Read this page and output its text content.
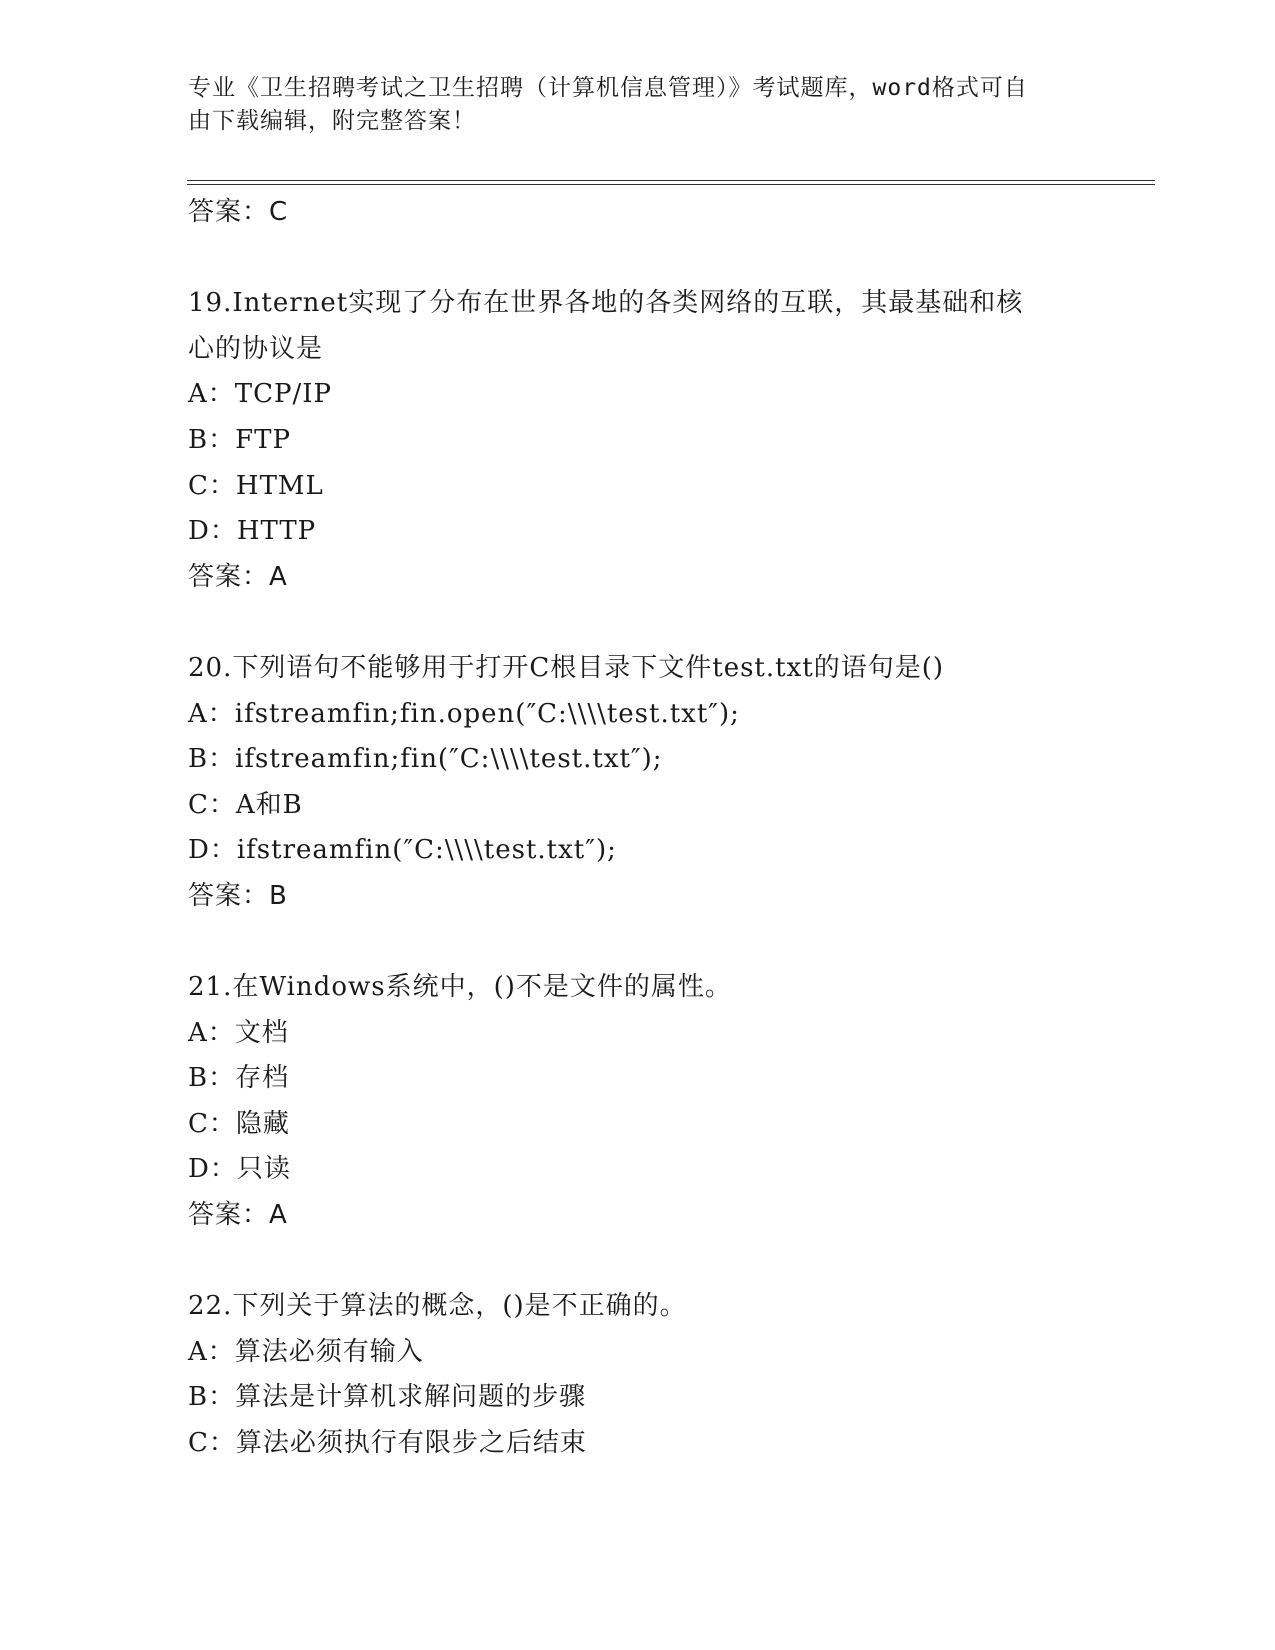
专业《卫生招聘考试之卫生招聘（计算机信息管理）》考试题库，word格式可自
由下载编辑，附完整答案！
答案：C
19.Internet实现了分布在世界各地的各类网络的互联，其最基础和核
心的协议是
A：TCP/IP
B：FTP
C：HTML
D：HTTP
答案：A
20.下列语句不能够用于打开C根目录下文件test.txt的语句是()
A：ifstreamfin;fin.open(″C:\\\\test.txt″);
B：ifstreamfin;fin(″C:\\\\test.txt″);
C：A和B
D：ifstreamfin(″C:\\\\test.txt″);
答案：B
21.在Windows系统中，()不是文件的属性。
A：文档
B：存档
C：隐藏
D：只读
答案：A
22.下列关于算法的概念，()是不正确的。
A：算法必须有输入
B：算法是计算机求解问题的步骤
C：算法必须执行有限步之后结束
